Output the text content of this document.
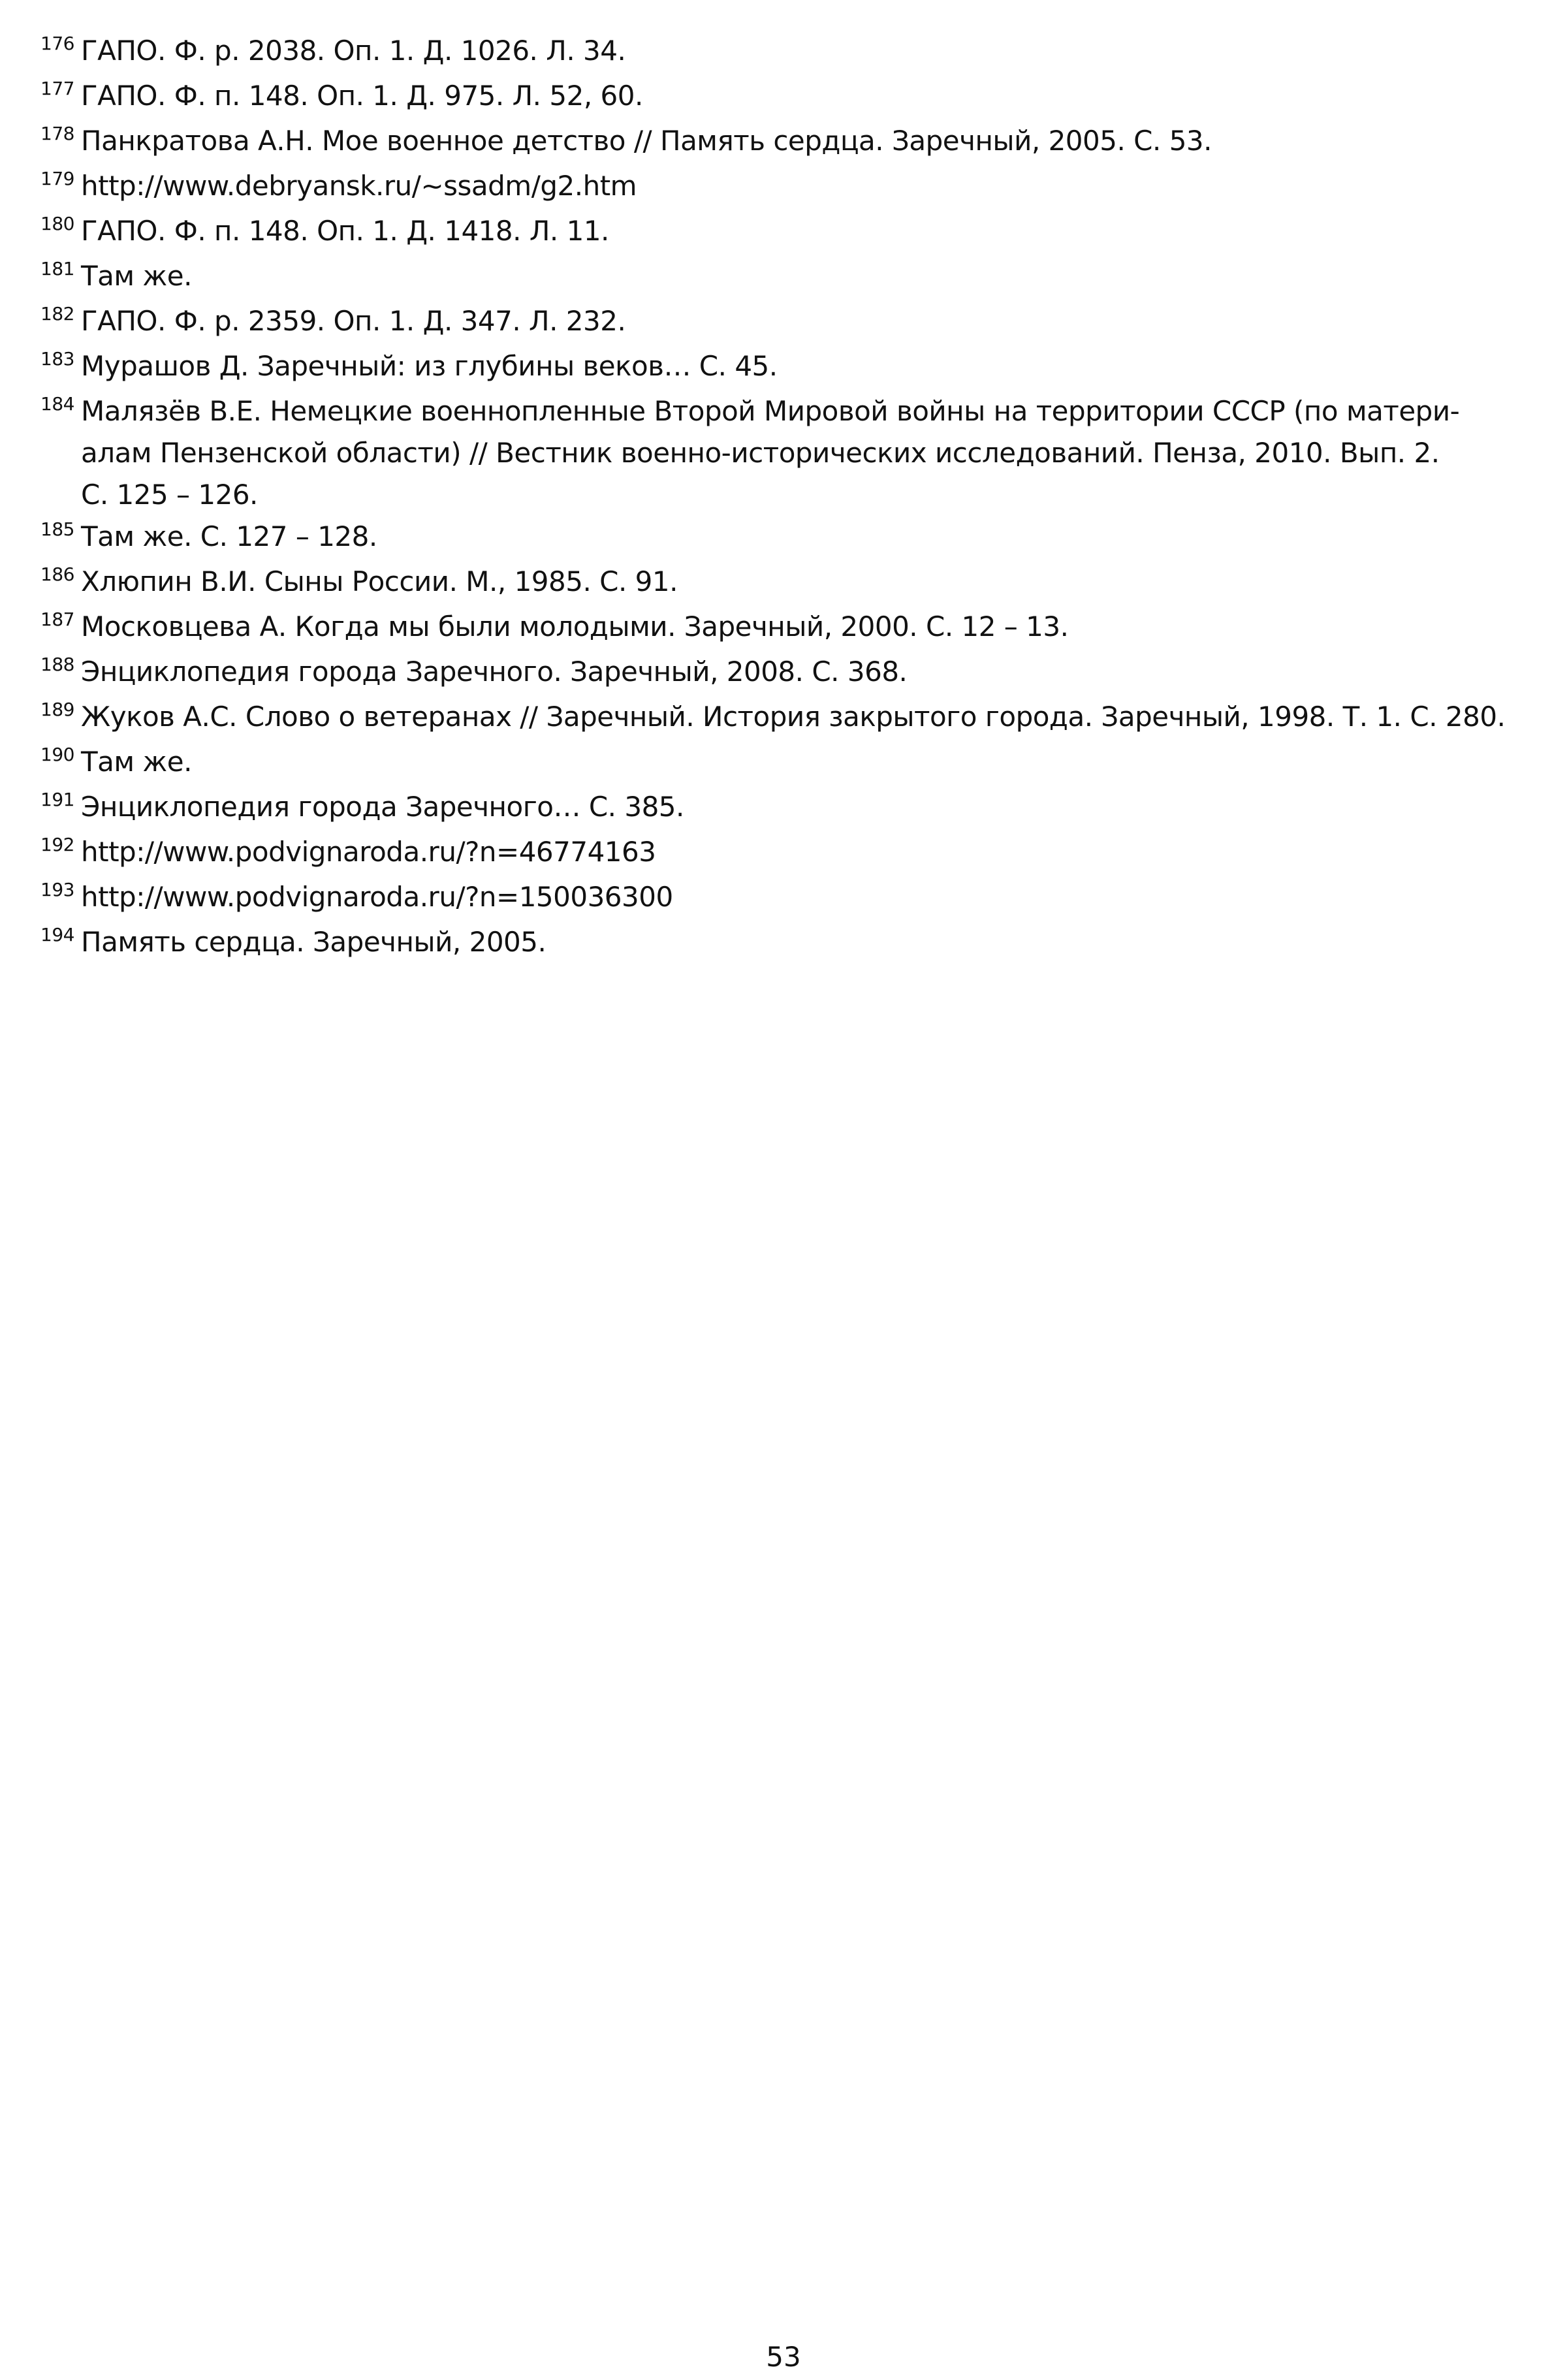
176 ГАПО. Ф. р. 2038. Оп. 1. Д. 1026. Л. 34.
177 ГАПО. Ф. п. 148. Оп. 1. Д. 975. Л. 52, 60.
178 Панкратова А.Н. Мое военное детство // Память сердца. Заречный, 2005. С. 53.
179 http://www.debryansk.ru/~ssadm/g2.htm
180 ГАПО. Ф. п. 148. Оп. 1. Д. 1418. Л. 11.
181 Там же.
182 ГАПО. Ф. р. 2359. Оп. 1. Д. 347. Л. 232.
183 Мурашов Д. Заречный: из глубины веков… С. 45.
184 Малязёв В.Е. Немецкие военнопленные Второй Мировой войны на территории СССР (по матери-
алам Пензенской области) // Вестник военно-исторических исследований. Пенза, 2010. Вып. 2.
С. 125 – 126.
185 Там же. С. 127 – 128.
186 Хлюпин В.И. Сыны России. М., 1985. С. 91.
187 Московцева А. Когда мы были молодыми. Заречный, 2000. С. 12 – 13.
188 Энциклопедия города Заречного. Заречный, 2008. С. 368.
189 Жуков А.С. Слово о ветеранах // Заречный. История закрытого города. Заречный, 1998. Т. 1. С. 280.
190 Там же.
191 Энциклопедия города Заречного… С. 385.
192 http://www.podvignaroda.ru/?n=46774163
193 http://www.podvignaroda.ru/?n=150036300
194 Память сердца. Заречный, 2005.
53
